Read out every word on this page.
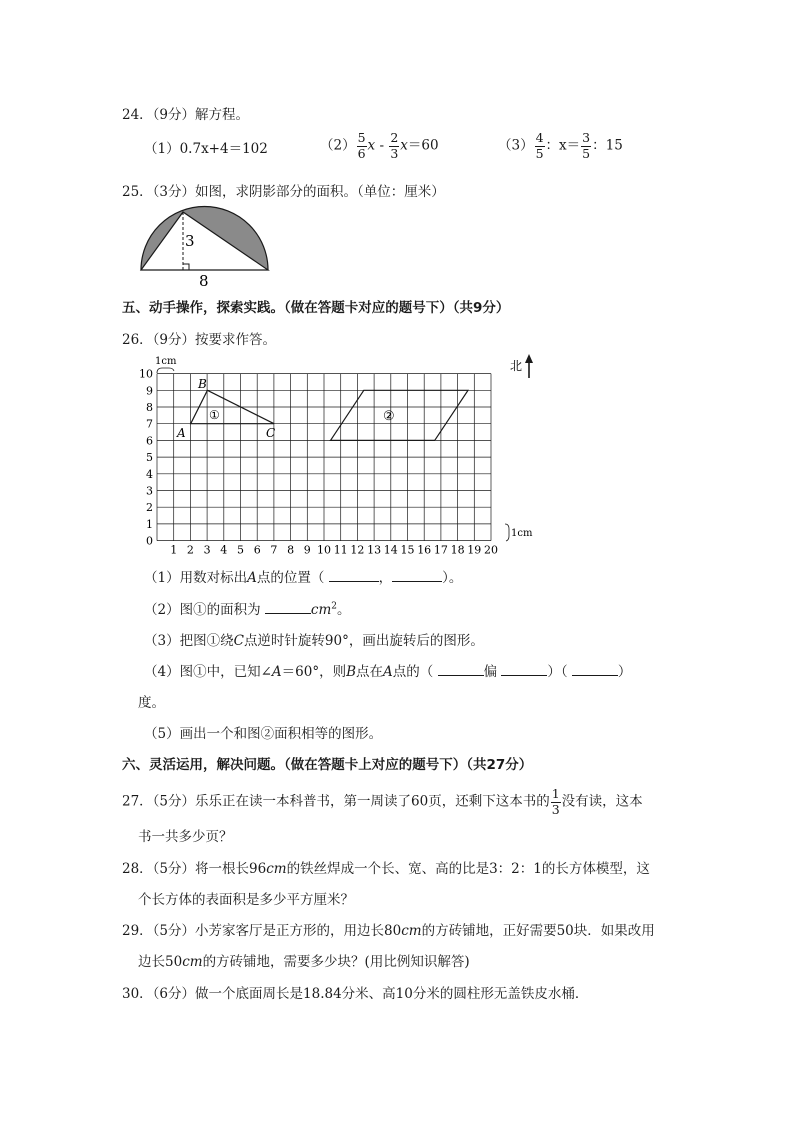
24．（9分）解方程。
（1）0.7x+4＝102	$(2) \frac{5}{6}$ $x - \frac{2}{3} x=60$	$(3) \frac{4}{5}$ ：$x= \frac{3}{5}$ ：15
25．（3分）如图，求阴影部分的面积。（单位：厘米）
3
8
五、动手操作，探索实践。（做在答题卡对应的题号下）（共9分）
26．（9分）按要求作答。
1 2 3 4 5 6 7 8 9 10 11 12 13 14 15 16 17 18 19 20
0
1
2
3
4
5
6
7
8
9
10
1cm
1cm
北
A
B
C
①	②
（1）用数对标出A点的位置（	，	）。
（2）图①的面积为	$cm^2$。
（3）把图①绕C点逆时针旋转90°，画出旋转后的图形。
（4）图①中，已知∠A＝60°，则B点在A点的（	偏	）（	）
度。
（5）画出一个和图②面积相等的图形。
六、灵活运用，解决问题。（做在答题卡上对应的题号下）（共27分）
27．（5分）乐乐正在读一本科普书，第一周读了60页，还剩下这本书的 $\frac{1}{3}$ 没有读，这本
书一共多少页？
28．（5分）将一根长96cm的铁丝焊成一个长、宽、高的比是3：2：1的长方体模型，这
个长方体的表面积是多少平方厘米？
29．（5分）小芳家客厅是正方形的，用边长80cm的方砖铺地，正好需要50块．如果改用
边长50cm的方砖铺地，需要多少块？(用比例知识解答)
30．（6分）做一个底面周长是18.84分米、高10分米的圆柱形无盖铁皮水桶．
